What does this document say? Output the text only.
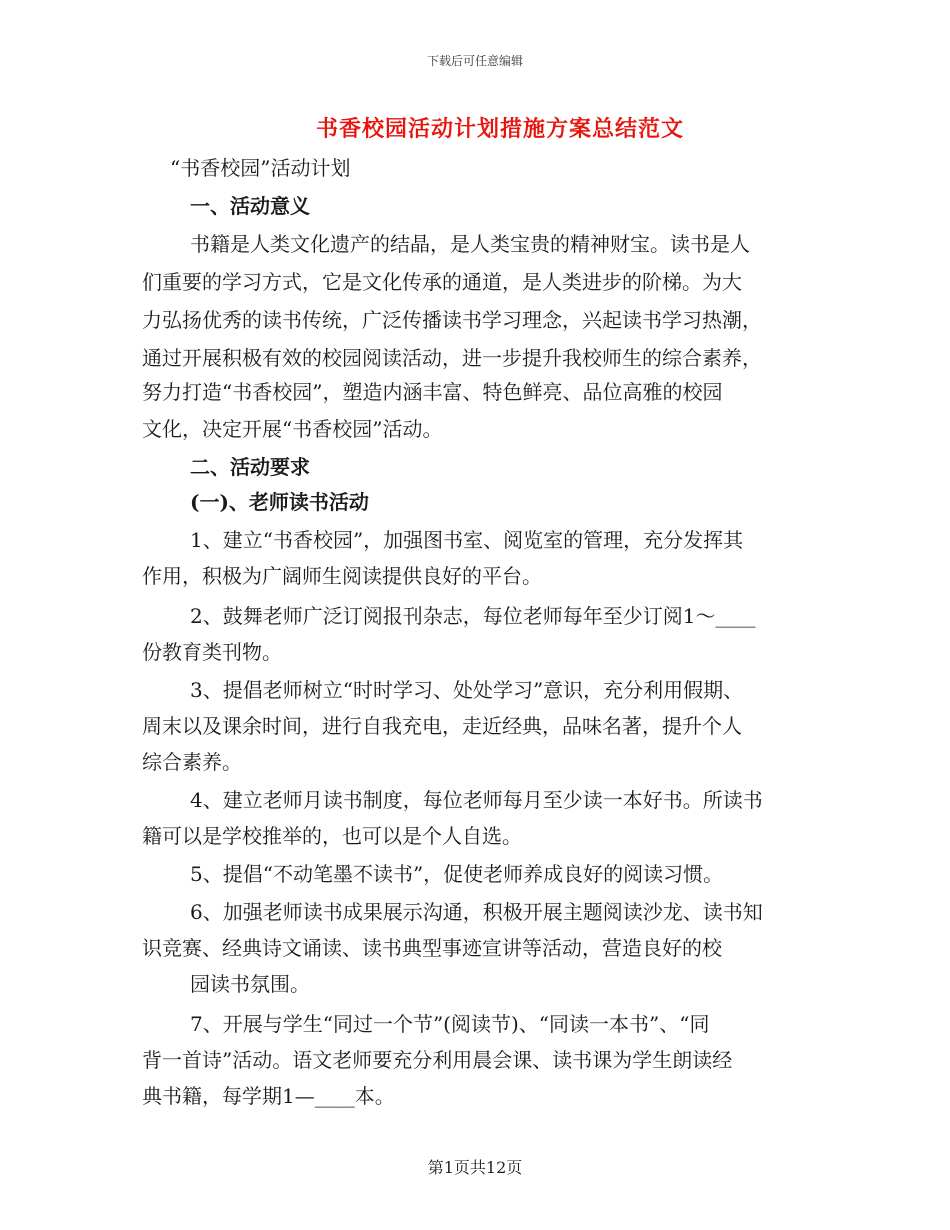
下载后可任意编辑
书香校园活动计划措施方案总结范文
“书香校园”活动计划
一、活动意义
书籍是人类文化遗产的结晶，是人类宝贵的精神财宝。读书是人
们重要的学习方式，它是文化传承的通道，是人类进步的阶梯。为大
力弘扬优秀的读书传统，广泛传播读书学习理念，兴起读书学习热潮，
通过开展积极有效的校园阅读活动，进一步提升我校师生的综合素养，
努力打造“书香校园”，塑造内涵丰富、特色鲜亮、品位高雅的校园
文化，决定开展“书香校园”活动。
二、活动要求
(一)、老师读书活动
1、建立“书香校园”，加强图书室、阅览室的管理，充分发挥其
作用，积极为广阔师生阅读提供良好的平台。
2、鼓舞老师广泛订阅报刊杂志，每位老师每年至少订阅1～____
份教育类刊物。
3、提倡老师树立“时时学习、处处学习”意识，充分利用假期、
周末以及课余时间，进行自我充电，走近经典，品味名著，提升个人
综合素养。
4、建立老师月读书制度，每位老师每月至少读一本好书。所读书
籍可以是学校推举的，也可以是个人自选。
5、提倡“不动笔墨不读书”，促使老师养成良好的阅读习惯。
6、加强老师读书成果展示沟通，积极开展主题阅读沙龙、读书知
识竞赛、经典诗文诵读、读书典型事迹宣讲等活动，营造良好的校
园读书氛围。
7、开展与学生“同过一个节”(阅读节)、“同读一本书”、“同
背一首诗”活动。语文老师要充分利用晨会课、读书课为学生朗读经
典书籍，每学期1—____本。
第1页共12页
